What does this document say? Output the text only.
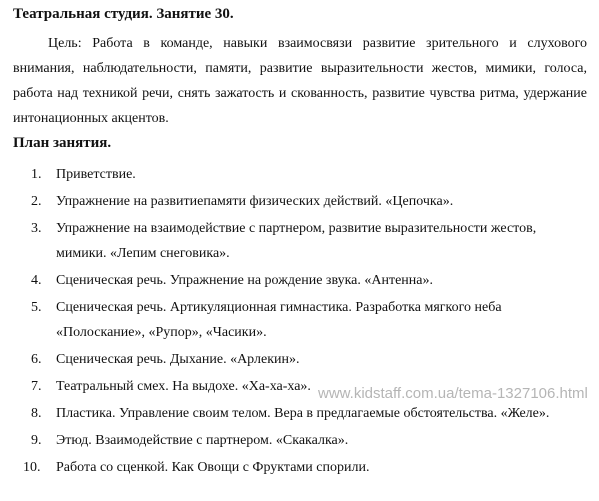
Театральная студия. Занятие 30.
Цель: Работа в команде, навыки взаимосвязи развитие зрительного и слухового внимания, наблюдательности, памяти, развитие выразительности жестов, мимики, голоса, работа над техникой речи, снять зажатость и скованность, развитие чувства ритма, удержание интонационных акцентов.
План занятия.
1.	Приветствие.
2.	Упражнение на развитиепамяти физических действий. «Цепочка».
3.	Упражнение на взаимодействие с партнером, развитие выразительности жестов, мимики. «Лепим снеговика».
4.	Сценическая речь. Упражнение на рождение звука. «Антенна».
5.	Сценическая речь. Артикуляционная гимнастика. Разработка мягкого неба «Полоскание», «Рупор», «Часики».
6.	Сценическая речь. Дыхание. «Арлекин».
7.	Театральный смех. На выдохе. «Ха-ха-ха».
8.	Пластика. Управление своим телом. Вера в предлагаемые обстоятельства. «Желе».
9.	Этюд. Взаимодействие с партнером. «Скакалка».
10.	Работа со сценкой. Как Овощи с Фруктами спорили.
www.kidstaff.com.ua/tema-1327106.html
